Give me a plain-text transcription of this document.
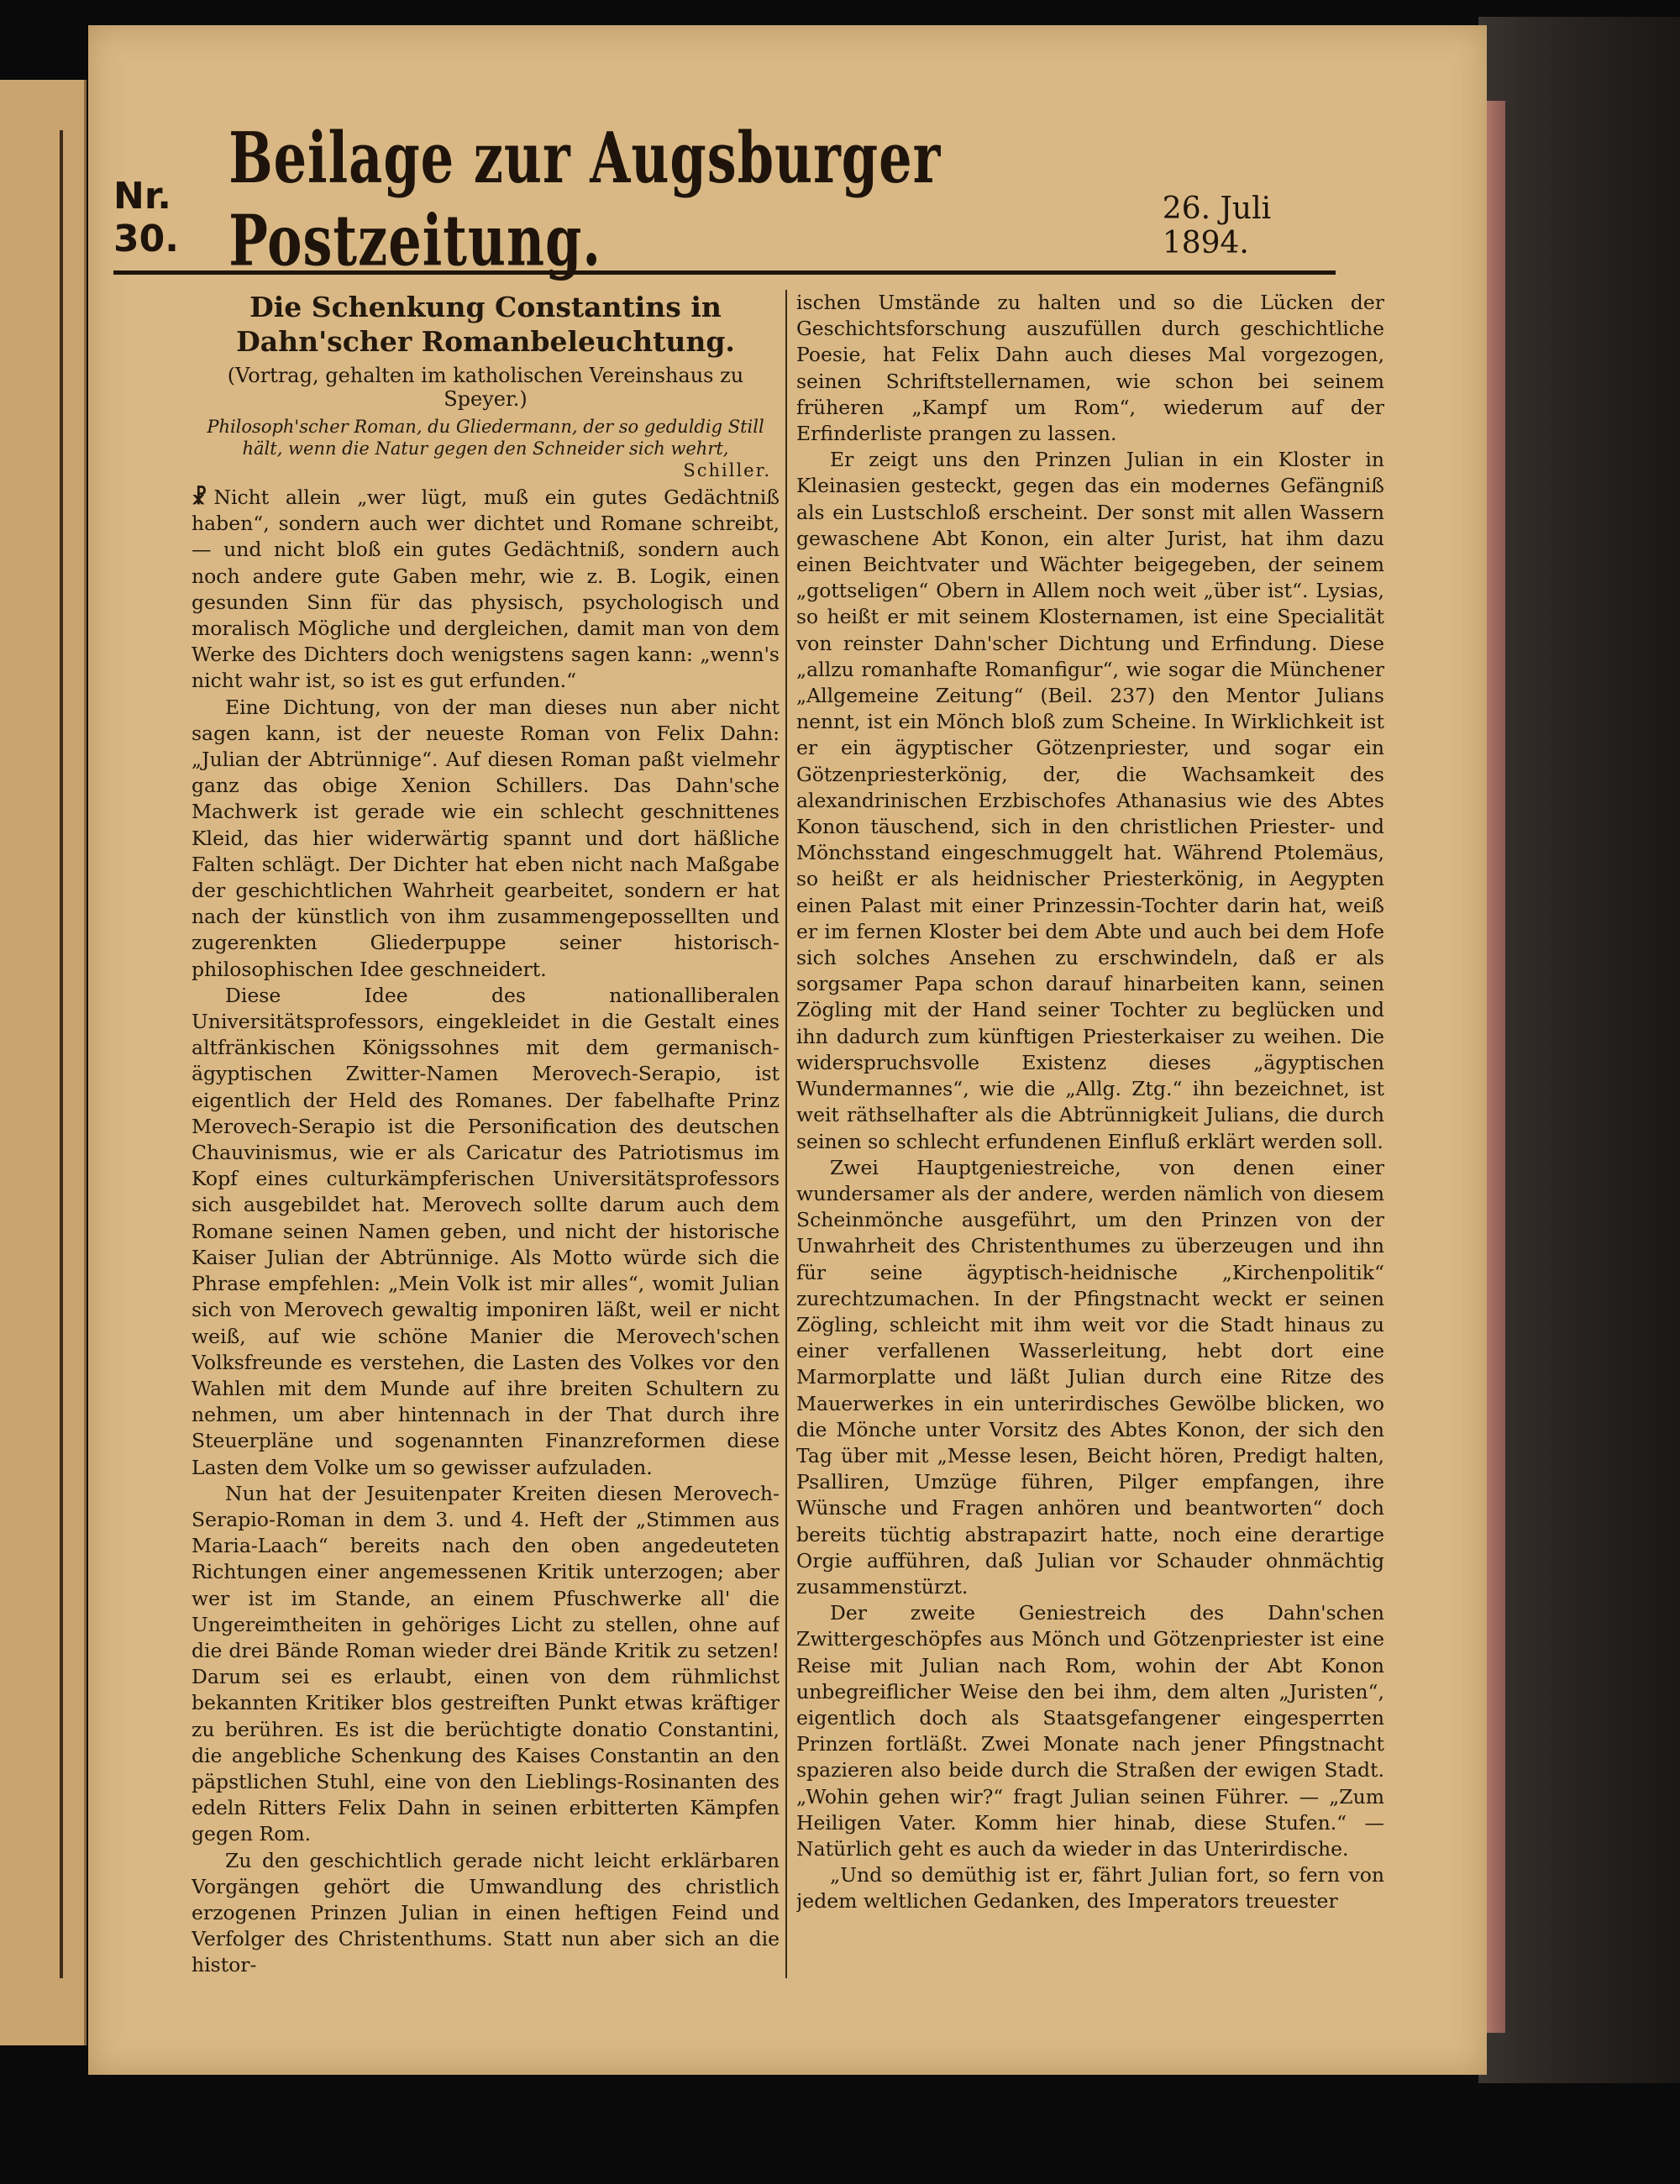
Nr. 30.
Beilage zur Augsburger Postzeitung.	26. Juli 1894.

Die Schenkung Constantins in Dahn'scher Romanbeleuchtung.

(Vortrag, gehalten im katholischen Vereinshaus zu Speyer.)

Philosoph'scher Roman, du Gliedermann, der so geduldig Still hält, wenn die Natur gegen den Schneider sich wehrt,

Schiller.

☧ Nicht allein „wer lügt, muß ein gutes Gedächtniß haben“, sondern auch wer dichtet und Romane schreibt, — und nicht bloß ein gutes Gedächtniß, sondern auch noch andere gute Gaben mehr, wie z. B. Logik, einen gesunden Sinn für das physisch, psychologisch und moralisch Mögliche und dergleichen, damit man von dem Werke des Dichters doch wenigstens sagen kann: „wenn's nicht wahr ist, so ist es gut erfunden.“

Eine Dichtung, von der man dieses nun aber nicht sagen kann, ist der neueste Roman von Felix Dahn: „Julian der Abtrünnige“. Auf diesen Roman paßt vielmehr ganz das obige Xenion Schillers. Das Dahn'sche Machwerk ist gerade wie ein schlecht geschnittenes Kleid, das hier widerwärtig spannt und dort häßliche Falten schlägt. Der Dichter hat eben nicht nach Maßgabe der geschichtlichen Wahrheit gearbeitet, sondern er hat nach der künstlich von ihm zusammengepossellten und zugerenkten Gliederpuppe seiner historisch-philosophischen Idee geschneidert.

Diese Idee des nationalliberalen Universitätsprofessors, eingekleidet in die Gestalt eines altfränkischen Königssohnes mit dem germanisch-ägyptischen Zwitter-Namen Merovech-Serapio, ist eigentlich der Held des Romanes. Der fabelhafte Prinz Merovech-Serapio ist die Personification des deutschen Chauvinismus, wie er als Caricatur des Patriotismus im Kopf eines culturkämpferischen Universitätsprofessors sich ausgebildet hat. Merovech sollte darum auch dem Romane seinen Namen geben, und nicht der historische Kaiser Julian der Abtrünnige. Als Motto würde sich die Phrase empfehlen: „Mein Volk ist mir alles“, womit Julian sich von Merovech gewaltig imponiren läßt, weil er nicht weiß, auf wie schöne Manier die Merovech'schen Volksfreunde es verstehen, die Lasten des Volkes vor den Wahlen mit dem Munde auf ihre breiten Schultern zu nehmen, um aber hintennach in der That durch ihre Steuerpläne und sogenannten Finanzreformen diese Lasten dem Volke um so gewisser aufzuladen.

Nun hat der Jesuitenpater Kreiten diesen Merovech-Serapio-Roman in dem 3. und 4. Heft der „Stimmen aus Maria-Laach“ bereits nach den oben angedeuteten Richtungen einer angemessenen Kritik unterzogen; aber wer ist im Stande, an einem Pfuschwerke all' die Ungereimtheiten in gehöriges Licht zu stellen, ohne auf die drei Bände Roman wieder drei Bände Kritik zu setzen! Darum sei es erlaubt, einen von dem rühmlichst bekannten Kritiker blos gestreiften Punkt etwas kräftiger zu berühren. Es ist die berüchtigte donatio Constantini, die angebliche Schenkung des Kaises Constantin an den päpstlichen Stuhl, eine von den Lieblings-Rosinanten des edeln Ritters Felix Dahn in seinen erbitterten Kämpfen gegen Rom.

Zu den geschichtlich gerade nicht leicht erklärbaren Vorgängen gehört die Umwandlung des christlich erzogenen Prinzen Julian in einen heftigen Feind und Verfolger des Christenthums. Statt nun aber sich an die histor-

ischen Umstände zu halten und so die Lücken der Geschichtsforschung auszufüllen durch geschichtliche Poesie, hat Felix Dahn auch dieses Mal vorgezogen, seinen Schriftstellernamen, wie schon bei seinem früheren „Kampf um Rom“, wiederum auf der Erfinderliste prangen zu lassen.

Er zeigt uns den Prinzen Julian in ein Kloster in Kleinasien gesteckt, gegen das ein modernes Gefängniß als ein Lustschloß erscheint. Der sonst mit allen Wassern gewaschene Abt Konon, ein alter Jurist, hat ihm dazu einen Beichtvater und Wächter beigegeben, der seinem „gottseligen“ Obern in Allem noch weit „über ist“. Lysias, so heißt er mit seinem Klosternamen, ist eine Specialität von reinster Dahn'scher Dichtung und Erfindung. Diese „allzu romanhafte Romanfigur“, wie sogar die Münchener „Allgemeine Zeitung“ (Beil. 237) den Mentor Julians nennt, ist ein Mönch bloß zum Scheine. In Wirklichkeit ist er ein ägyptischer Götzenpriester, und sogar ein Götzenpriesterkönig, der, die Wachsamkeit des alexandrinischen Erzbischofes Athanasius wie des Abtes Konon täuschend, sich in den christlichen Priester- und Mönchsstand eingeschmuggelt hat. Während Ptolemäus, so heißt er als heidnischer Priesterkönig, in Aegypten einen Palast mit einer Prinzessin-Tochter darin hat, weiß er im fernen Kloster bei dem Abte und auch bei dem Hofe sich solches Ansehen zu erschwindeln, daß er als sorgsamer Papa schon darauf hinarbeiten kann, seinen Zögling mit der Hand seiner Tochter zu beglücken und ihn dadurch zum künftigen Priesterkaiser zu weihen. Die widerspruchsvolle Existenz dieses „ägyptischen Wundermannes“, wie die „Allg. Ztg.“ ihn bezeichnet, ist weit räthselhafter als die Abtrünnigkeit Julians, die durch seinen so schlecht erfundenen Einfluß erklärt werden soll.

Zwei Hauptgeniestreiche, von denen einer wundersamer als der andere, werden nämlich von diesem Scheinmönche ausgeführt, um den Prinzen von der Unwahrheit des Christenthumes zu überzeugen und ihn für seine ägyptisch-heidnische „Kirchenpolitik“ zurechtzumachen. In der Pfingstnacht weckt er seinen Zögling, schleicht mit ihm weit vor die Stadt hinaus zu einer verfallenen Wasserleitung, hebt dort eine Marmorplatte und läßt Julian durch eine Ritze des Mauerwerkes in ein unterirdisches Gewölbe blicken, wo die Mönche unter Vorsitz des Abtes Konon, der sich den Tag über mit „Messe lesen, Beicht hören, Predigt halten, Psalliren, Umzüge führen, Pilger empfangen, ihre Wünsche und Fragen anhören und beantworten“ doch bereits tüchtig abstrapazirt hatte, noch eine derartige Orgie aufführen, daß Julian vor Schauder ohnmächtig zusammenstürzt.

Der zweite Geniestreich des Dahn'schen Zwittergeschöpfes aus Mönch und Götzenpriester ist eine Reise mit Julian nach Rom, wohin der Abt Konon unbegreiflicher Weise den bei ihm, dem alten „Juristen“, eigentlich doch als Staatsgefangener eingesperrten Prinzen fortläßt. Zwei Monate nach jener Pfingstnacht spazieren also beide durch die Straßen der ewigen Stadt. „Wohin gehen wir?“ fragt Julian seinen Führer. — „Zum Heiligen Vater. Komm hier hinab, diese Stufen.“ — Natürlich geht es auch da wieder in das Unterirdische.

„Und so demüthig ist er, fährt Julian fort, so fern von jedem weltlichen Gedanken, des Imperators treuester
